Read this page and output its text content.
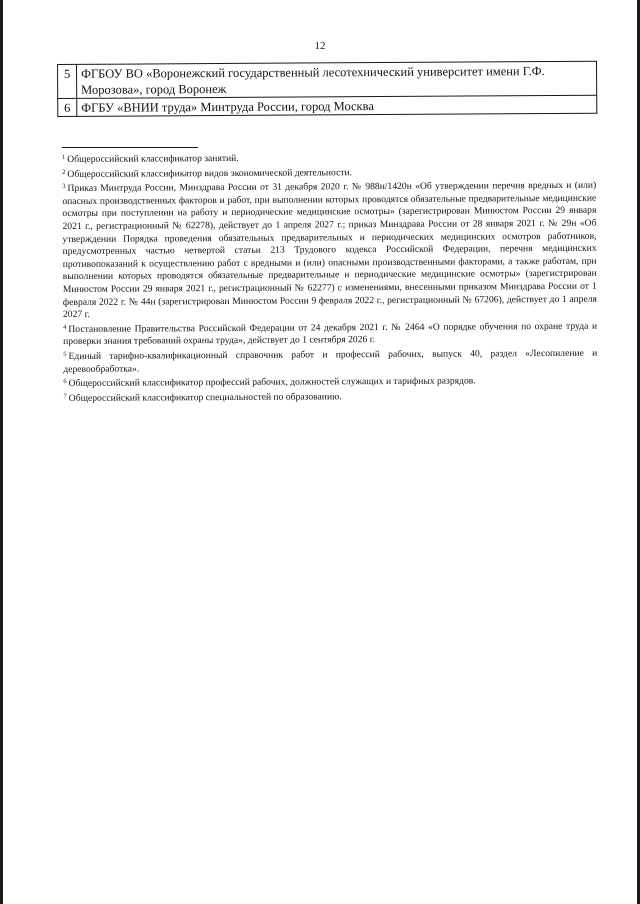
12
5	ФГБОУ ВО «Воронежский государственный лесотехнический университет имени Г.Ф. Морозова», город Воронеж
6	ФГБУ «ВНИИ труда» Минтруда России, город Москва

$^1$ Общероссийский классификатор занятий.

$^2$ Общероссийский классификатор видов экономической деятельности.

$^3$ Приказ Минтруда России, Минздрава России от 31 декабря 2020 г. № 988н/1420н «Об утверждении перечня вредных и (или) опасных производственных факторов и работ, при выполнении которых проводятся обязательные предварительные медицинские осмотры при поступлении на работу и периодические медицинские осмотры» (зарегистрирован Минюстом России 29 января 2021 г., регистрационный № 62278), действует до 1 апреля 2027 г.; приказ Минздрава России от 28 января 2021 г. № 29н «Об утверждении Порядка проведения обязательных предварительных и периодических медицинских осмотров работников, предусмотренных частью четвертой статьи 213 Трудового кодекса Российской Федерации, перечня медицинских противопоказаний к осуществлению работ с вредными и (или) опасными производственными факторами, а также работам, при выполнении которых проводятся обязательные предварительные и периодические медицинские осмотры» (зарегистрирован Минюстом России 29 января 2021 г., регистрационный № 62277) с изменениями, внесенными приказом Минздрава России от 1 февраля 2022 г. № 44н (зарегистрирован Минюстом России 9 февраля 2022 г., регистрационный № 67206), действует до 1 апреля 2027 г.

$^4$ Постановление Правительства Российской Федерации от 24 декабря 2021 г. № 2464 «О порядке обучения по охране труда и проверки знания требований охраны труда», действует до 1 сентября 2026 г.

$^5$ Единый тарифно-квалификационный справочник работ и профессий рабочих, выпуск 40, раздел «Лесопиление и деревообработка».

$^6$ Общероссийский классификатор профессий рабочих, должностей служащих и тарифных разрядов.

$^7$ Общероссийский классификатор специальностей по образованию.
